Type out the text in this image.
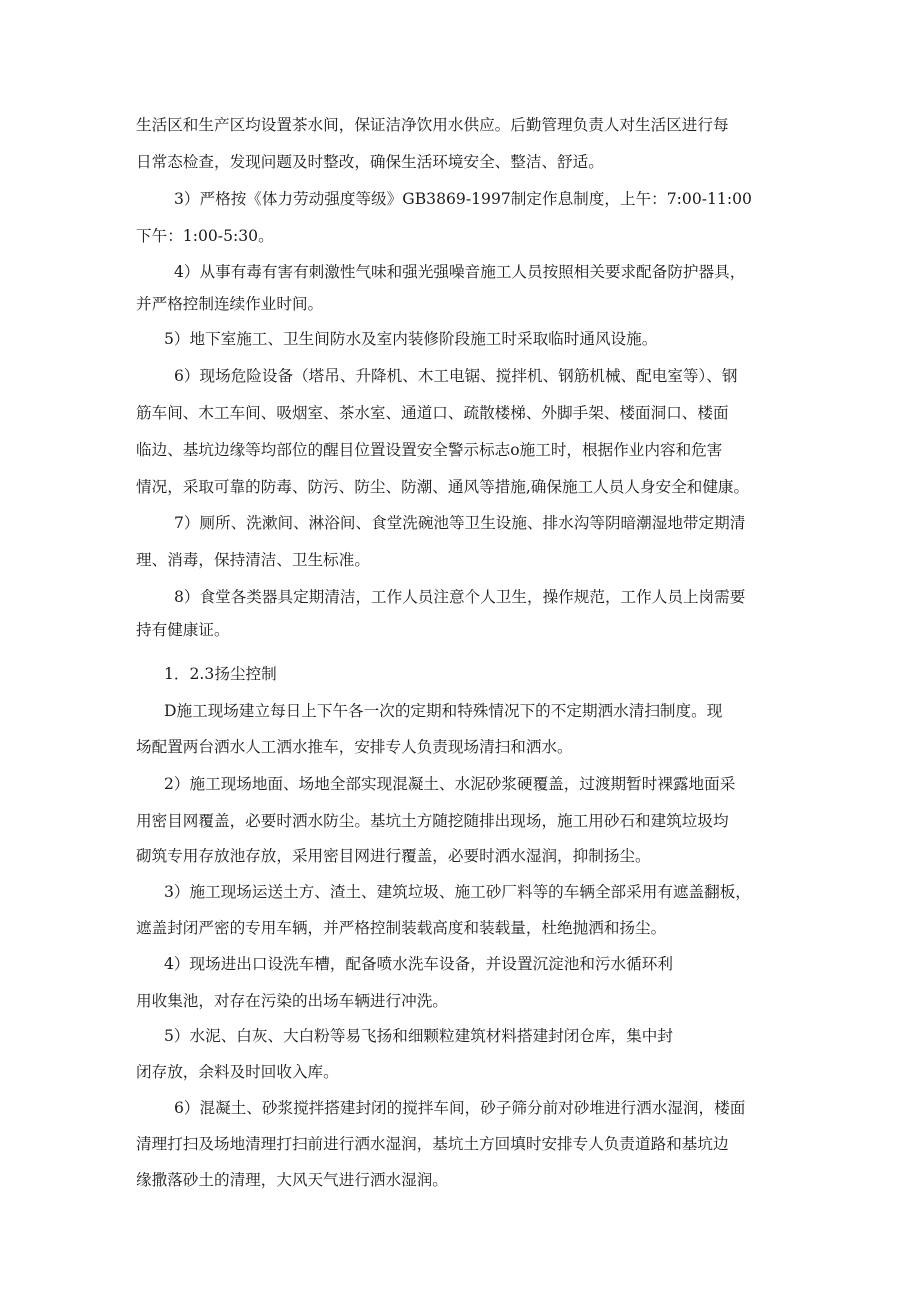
生活区和生产区均设置茶水间，保证洁净饮用水供应。后勤管理负责人对生活区进行每
日常态检查，发现问题及时整改，确保生活环境安全、整洁、舒适。
3）严格按《体力劳动强度等级》GB3869-1997制定作息制度，上午：7:00-11:00
下午：1:00-5:30。
4）从事有毒有害有刺激性气味和强光强噪音施工人员按照相关要求配备防护器具，
并严格控制连续作业时间。
5）地下室施工、卫生间防水及室内装修阶段施工时采取临时通风设施。
6）现场危险设备（塔吊、升降机、木工电锯、搅拌机、钢筋机械、配电室等）、钢
筋车间、木工车间、吸烟室、茶水室、通道口、疏散楼梯、外脚手架、楼面洞口、楼面
临边、基坑边缘等均部位的醒目位置设置安全警示标志o施工时，根据作业内容和危害
情况，采取可靠的防毒、防污、防尘、防潮、通风等措施,确保施工人员人身安全和健康。
7）厕所、洗漱间、淋浴间、食堂洗碗池等卫生设施、排水沟等阴暗潮湿地带定期清
理、消毒，保持清洁、卫生标准。
8）食堂各类器具定期清洁，工作人员注意个人卫生，操作规范，工作人员上岗需要
持有健康证。
1．2.3扬尘控制
D施工现场建立每日上下午各一次的定期和特殊情况下的不定期洒水清扫制度。现
场配置两台洒水人工洒水推车，安排专人负责现场清扫和洒水。
2）施工现场地面、场地全部实现混凝土、水泥砂浆硬覆盖，过渡期暂时裸露地面采
用密目网覆盖，必要时洒水防尘。基坑土方随挖随排出现场，施工用砂石和建筑垃圾均
砌筑专用存放池存放，采用密目网进行覆盖，必要时洒水湿润，抑制扬尘。
3）施工现场运送土方、渣土、建筑垃圾、施工砂厂料等的车辆全部采用有遮盖翻板，
遮盖封闭严密的专用车辆，并严格控制装载高度和装载量，杜绝抛洒和扬尘。
4）现场进出口设洗车槽，配备喷水洗车设备，并设置沉淀池和污水循环利
用收集池，对存在污染的出场车辆进行冲洗。
5）水泥、白灰、大白粉等易飞扬和细颗粒建筑材料搭建封闭仓库，集中封
闭存放，余料及时回收入库。
6）混凝土、砂浆搅拌搭建封闭的搅拌车间，砂子筛分前对砂堆进行洒水湿润，楼面
清理打扫及场地清理打扫前进行洒水湿润，基坑土方回填时安排专人负责道路和基坑边
缘撒落砂土的清理，大风天气进行洒水湿润。
